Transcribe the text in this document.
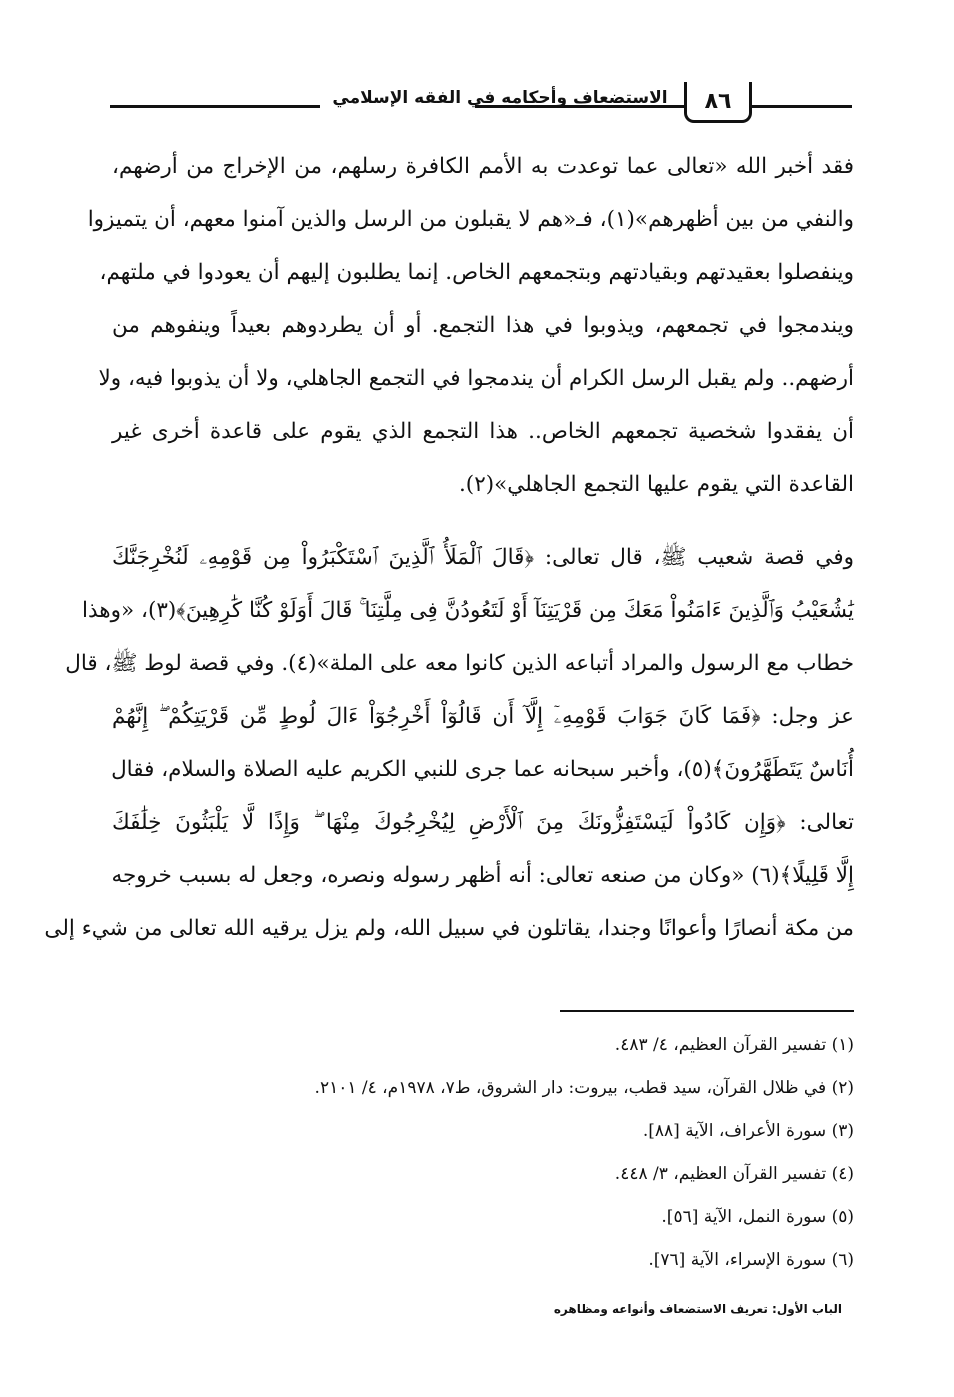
الاستضعاف وأحكامه في الفقه الإسلامي	٨٦
فقد أخبر الله «تعالى عما توعدت به الأمم الكافرة رسلهم، من الإخراج من أرضهم،
والنفي من بين أظهرهم»(١)، فـ«هم لا يقبلون من الرسل والذين آمنوا معهم، أن يتميزوا
وينفصلوا بعقيدتهم وبقيادتهم وبتجمعهم الخاص. إنما يطلبون إليهم أن يعودوا في ملتهم،
ويندمجوا في تجمعهم، ويذوبوا في هذا التجمع. أو أن يطردوهم بعيداً وينفوهم من
أرضهم.. ولم يقبل الرسل الكرام أن يندمجوا في التجمع الجاهلي، ولا أن يذوبوا فيه، ولا
أن يفقدوا شخصية تجمعهم الخاص.. هذا التجمع الذي يقوم على قاعدة أخرى غير
القاعدة التي يقوم عليها التجمع الجاهلي»(٢).
وفي قصة شعيب ﷺ، قال تعالى: ﴿قَالَ ٱلْمَلَأُ ٱلَّذِينَ ٱسْتَكْبَرُواْ مِن قَوْمِهِۦ لَنُخْرِجَنَّكَ
يَٰشُعَيْبُ وَٱلَّذِينَ ءَامَنُواْ مَعَكَ مِن قَرْيَتِنَآ أَوْ لَتَعُودُنَّ فِى مِلَّتِنَا ۚ قَالَ أَوَلَوْ كُنَّا كَٰرِهِينَ﴾(٣)، «وهذا
خطاب مع الرسول والمراد أتباعه الذين كانوا معه على الملة»(٤). وفي قصة لوط ﷺ، قال
عز وجل: ﴿فَمَا كَانَ جَوَابَ قَوْمِهِۦٓ إِلَّآ أَن قَالُوٓاْ أَخْرِجُوٓاْ ءَالَ لُوطٍ مِّن قَرْيَتِكُمْ ۖ إِنَّهُمْ
أُنَاسٌ يَتَطَهَّرُونَ﴾(٥)، وأخبر سبحانه عما جرى للنبي الكريم عليه الصلاة والسلام، فقال
تعالى: ﴿وَإِن كَادُواْ لَيَسْتَفِزُّونَكَ مِنَ ٱلْأَرْضِ لِيُخْرِجُوكَ مِنْهَا ۖ وَإِذًا لَّا يَلْبَثُونَ خِلَٰفَكَ
إِلَّا قَلِيلًا﴾(٦) «وكان من صنعه تعالى: أنه أظهر رسوله ونصره، وجعل له بسبب خروجه
من مكة أنصارًا وأعوانًا وجندا، يقاتلون في سبيل الله، ولم يزل يرقيه الله تعالى من شيء إلى
(١) تفسير القرآن العظيم، ٤/ ٤٨٣.
(٢) في ظلال القرآن، سيد قطب، بيروت: دار الشروق، ط٧، ١٩٧٨م، ٤/ ٢١٠١.
(٣) سورة الأعراف، الآية [٨٨].
(٤) تفسير القرآن العظيم، ٣/ ٤٤٨.
(٥) سورة النمل، الآية [٥٦].
(٦) سورة الإسراء، الآية [٧٦].
الباب الأول: تعريف الاستضعاف وأنواعه ومظاهره
